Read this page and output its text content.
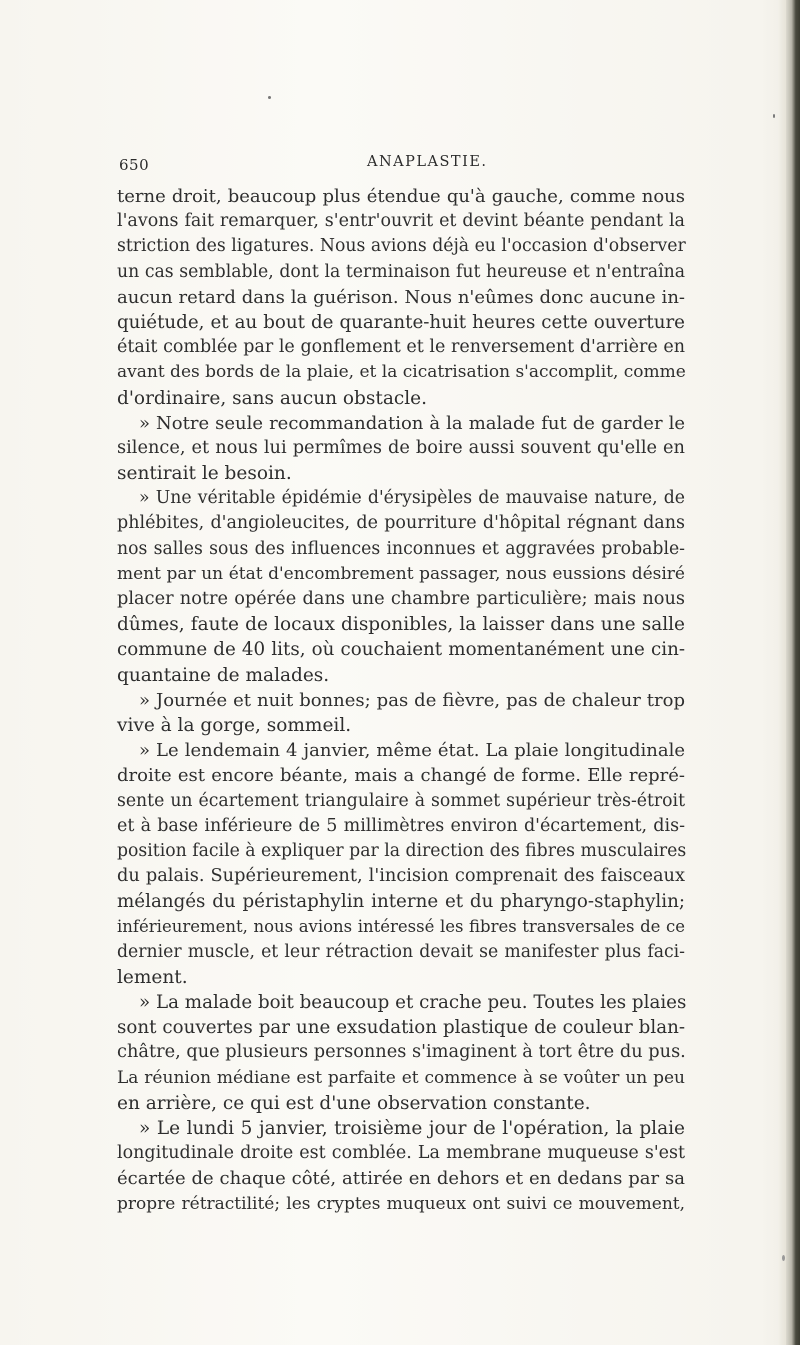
650	ANAPLASTIE.
terne droit, beaucoup plus étendue qu'à gauche, comme nous
l'avons fait remarquer, s'entr'ouvrit et devint béante pendant la
striction des ligatures. Nous avions déjà eu l'occasion d'observer
un cas semblable, dont la terminaison fut heureuse et n'entraîna
aucun retard dans la guérison. Nous n'eûmes donc aucune in-
quiétude, et au bout de quarante-huit heures cette ouverture
était comblée par le gonflement et le renversement d'arrière en
avant des bords de la plaie, et la cicatrisation s'accomplit, comme
d'ordinaire, sans aucun obstacle.
» Notre seule recommandation à la malade fut de garder le
silence, et nous lui permîmes de boire aussi souvent qu'elle en
sentirait le besoin.
» Une véritable épidémie d'érysipèles de mauvaise nature, de
phlébites, d'angioleucites, de pourriture d'hôpital régnant dans
nos salles sous des influences inconnues et aggravées probable-
ment par un état d'encombrement passager, nous eussions désiré
placer notre opérée dans une chambre particulière; mais nous
dûmes, faute de locaux disponibles, la laisser dans une salle
commune de 40 lits, où couchaient momentanément une cin-
quantaine de malades.
» Journée et nuit bonnes; pas de fièvre, pas de chaleur trop
vive à la gorge, sommeil.
» Le lendemain 4 janvier, même état. La plaie longitudinale
droite est encore béante, mais a changé de forme. Elle repré-
sente un écartement triangulaire à sommet supérieur très-étroit
et à base inférieure de 5 millimètres environ d'écartement, dis-
position facile à expliquer par la direction des fibres musculaires
du palais. Supérieurement, l'incision comprenait des faisceaux
mélangés du péristaphylin interne et du pharyngo-staphylin;
inférieurement, nous avions intéressé les fibres transversales de ce
dernier muscle, et leur rétraction devait se manifester plus faci-
lement.
» La malade boit beaucoup et crache peu. Toutes les plaies
sont couvertes par une exsudation plastique de couleur blan-
châtre, que plusieurs personnes s'imaginent à tort être du pus.
La réunion médiane est parfaite et commence à se voûter un peu
en arrière, ce qui est d'une observation constante.
» Le lundi 5 janvier, troisième jour de l'opération, la plaie
longitudinale droite est comblée. La membrane muqueuse s'est
écartée de chaque côté, attirée en dehors et en dedans par sa
propre rétractilité; les cryptes muqueux ont suivi ce mouvement,
